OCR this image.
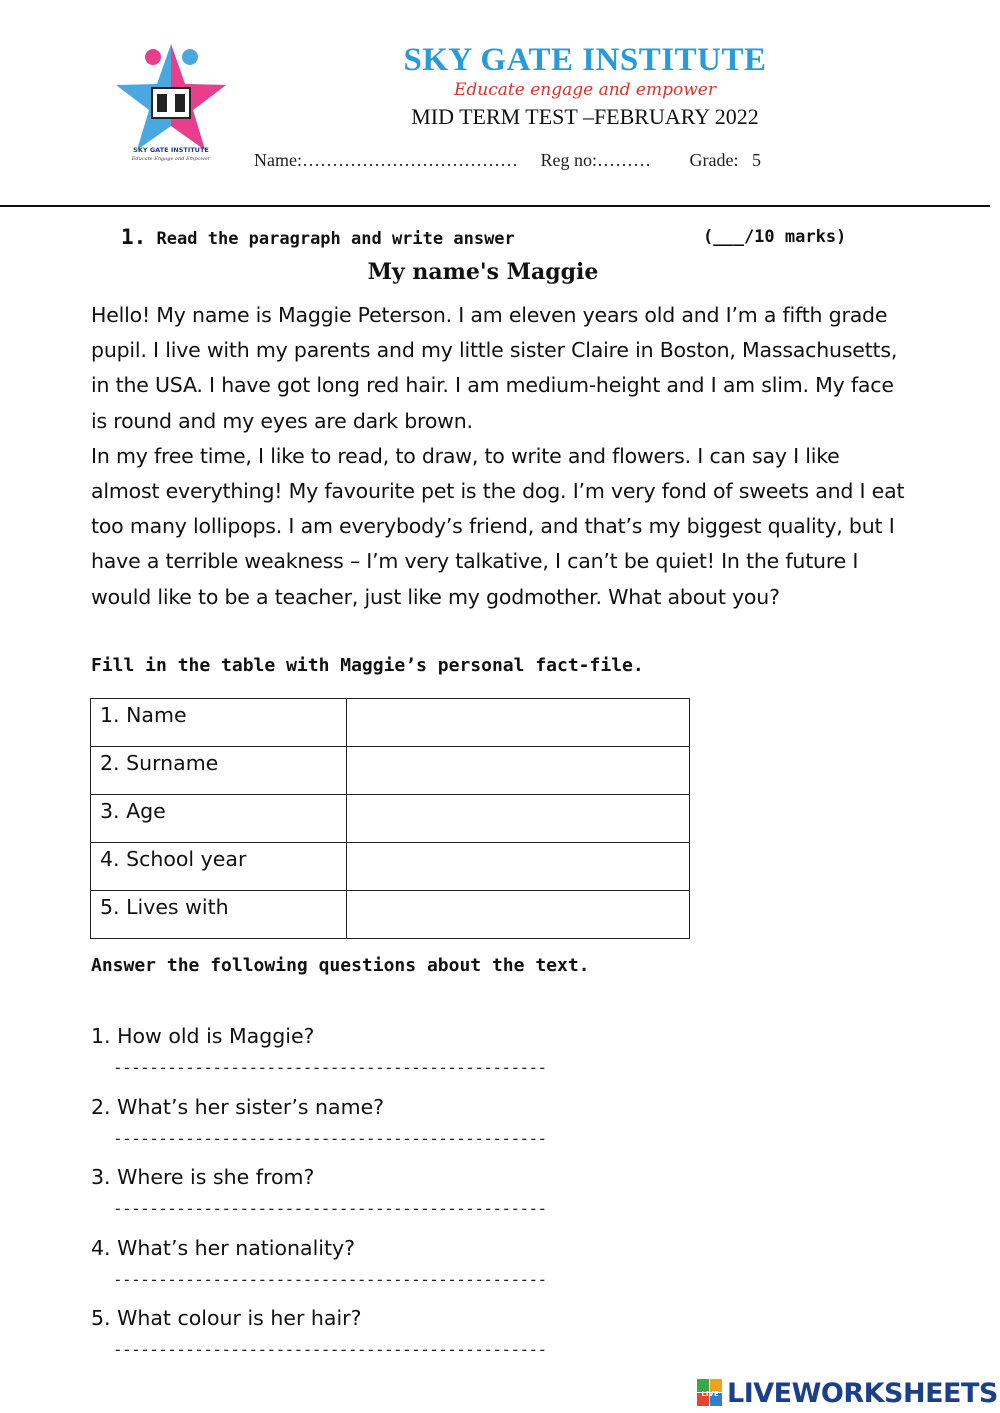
SKY GATE INSTITUTE
Educate Engage and Empower
SKY GATE INSTITUTE
Educate engage and empower
MID TERM TEST –FEBRUARY 2022
Name:……………………………… Reg no:……… Grade:   5
1. Read the paragraph and write answer	(___/10 marks)
My name's Maggie

Hello! My name is Maggie Peterson. I am eleven years old and I’m a fifth grade pupil. I live with my parents and my little sister Claire in Boston, Massachusetts, in the USA. I have got long red hair. I am medium-height and I am slim. My face is round and my eyes are dark brown.

In my free time, I like to read, to draw, to write and flowers. I can say I like almost everything! My favourite pet is the dog. I’m very fond of sweets and I eat too many lollipops. I am everybody’s friend, and that’s my biggest quality, but I have a terrible weakness – I’m very talkative, I can’t be quiet! In the future I would like to be a teacher, just like my godmother. What about you?

Fill in the table with Maggie’s personal fact-file.
1. Name	
2. Surname	
3. Age	
4. School year	
5. Lives with	
Answer the following questions about the text.
1. How old is Maggie?
------------------------------------------------
2. What’s her sister’s name?
------------------------------------------------
3. Where is she from?
------------------------------------------------
4. What’s her nationality?
------------------------------------------------
5. What colour is her hair?
------------------------------------------------
LIVE LIVEWORKSHEETS
